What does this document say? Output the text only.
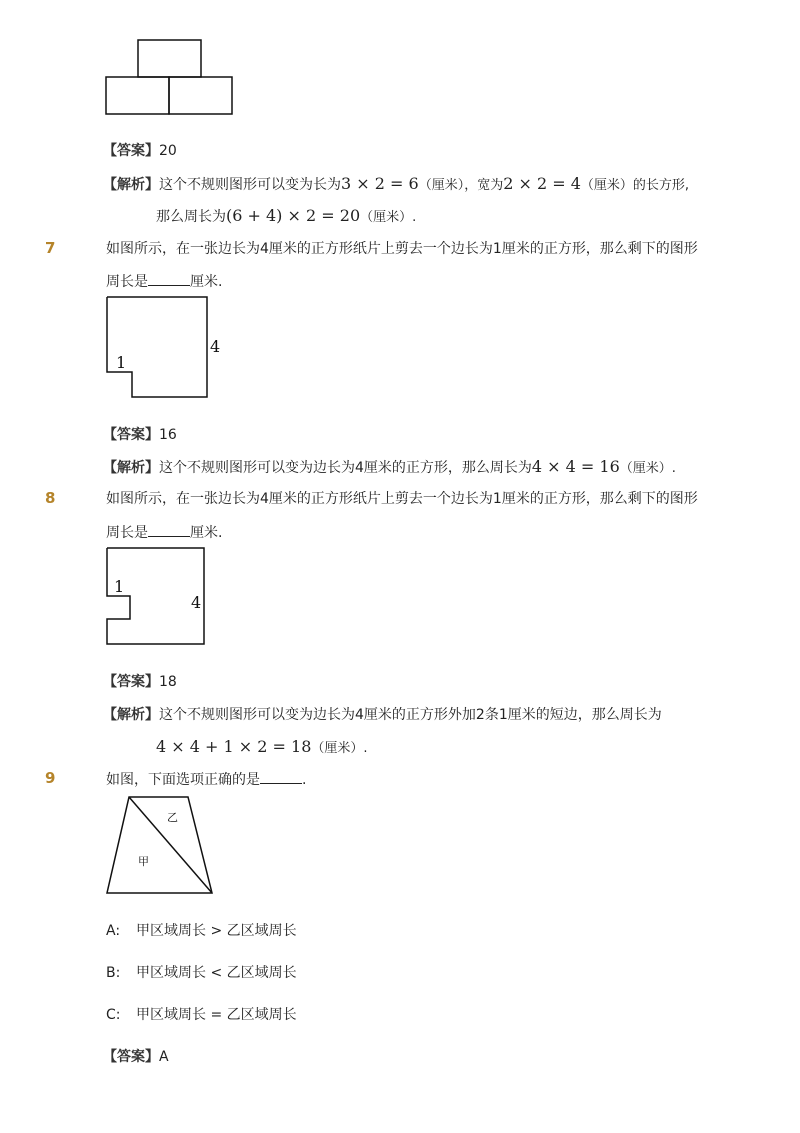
【答案】20
【解析】这个不规则图形可以变为长为3 × 2 = 6（厘米），宽为2 × 2 = 4（厘米）的长方形,
那么周长为(6 + 4) × 2 = 20（厘米）.
7	如图所示，在一张边长为4厘米的正方形纸片上剪去一个边长为1厘米的正方形，那么剩下的图形
周长是	厘米.
1
4
【答案】16
【解析】这个不规则图形可以变为边长为4厘米的正方形，那么周长为4 × 4 = 16（厘米）.
8	如图所示，在一张边长为4厘米的正方形纸片上剪去一个边长为1厘米的正方形，那么剩下的图形
周长是	厘米.
1
4
【答案】18
【解析】这个不规则图形可以变为边长为4厘米的正方形外加2条1厘米的短边，那么周长为
4 × 4 + 1 × 2 = 18（厘米）.
9	如图，下面选项正确的是	.
乙
甲
A: 甲区域周长 > 乙区域周长
B: 甲区域周长 < 乙区域周长
C: 甲区域周长 = 乙区域周长
【答案】A
